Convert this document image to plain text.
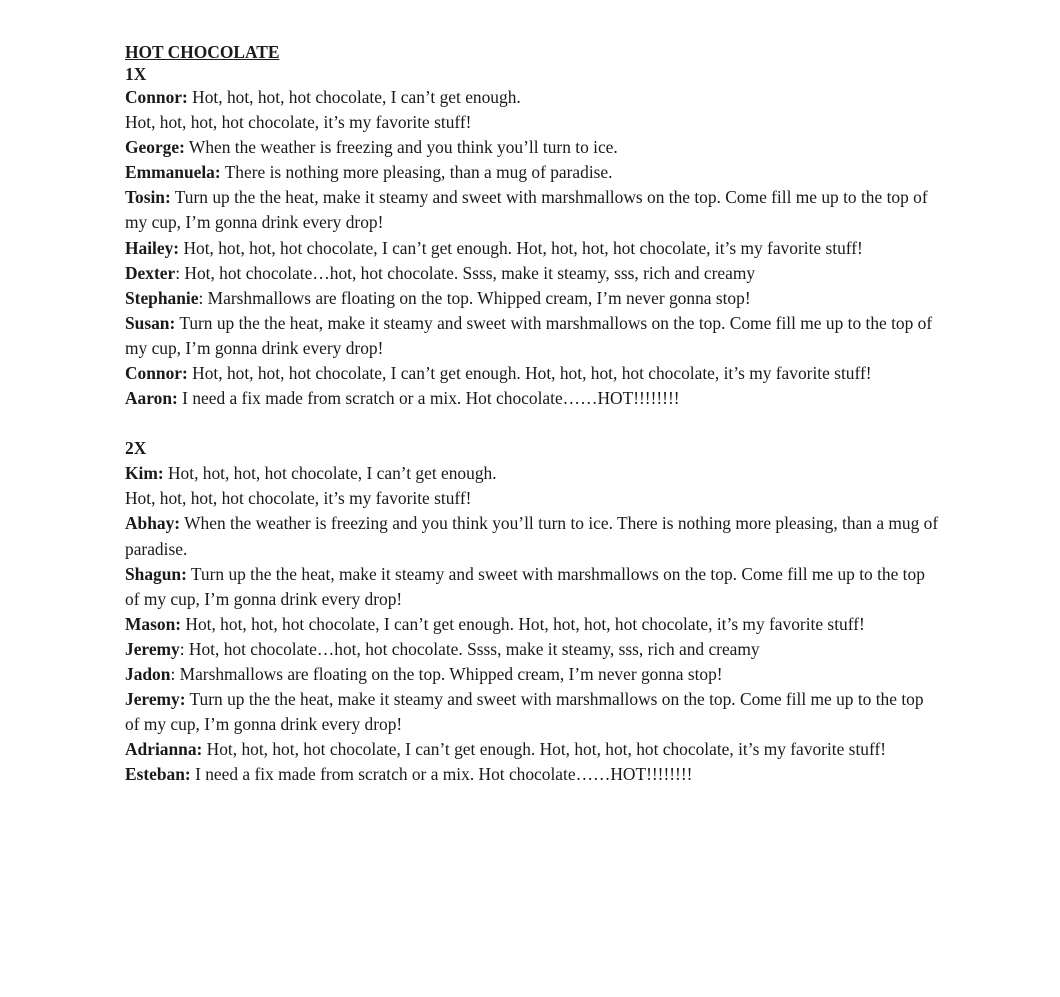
HOT CHOCOLATE

1X

Connor: Hot, hot, hot, hot chocolate, I can’t get enough.

Hot, hot, hot, hot chocolate, it’s my favorite stuff!

George: When the weather is freezing and you think you’ll turn to ice.

Emmanuela: There is nothing more pleasing, than a mug of paradise.

Tosin: Turn up the the heat, make it steamy and sweet with marshmallows on the top. Come fill me up to the top of my cup, I’m gonna drink every drop!

Hailey: Hot, hot, hot, hot chocolate, I can’t get enough. Hot, hot, hot, hot chocolate, it’s my favorite stuff!

Dexter: Hot, hot chocolate…hot, hot chocolate. Ssss, make it steamy, sss, rich and creamy

Stephanie: Marshmallows are floating on the top. Whipped cream, I’m never gonna stop!

Susan: Turn up the the heat, make it steamy and sweet with marshmallows on the top. Come fill me up to the top of my cup, I’m gonna drink every drop!

Connor: Hot, hot, hot, hot chocolate, I can’t get enough. Hot, hot, hot, hot chocolate, it’s my favorite stuff!

Aaron: I need a fix made from scratch or a mix. Hot chocolate……HOT!!!!!!!!

2X

Kim: Hot, hot, hot, hot chocolate, I can’t get enough.

Hot, hot, hot, hot chocolate, it’s my favorite stuff!

Abhay: When the weather is freezing and you think you’ll turn to ice. There is nothing more pleasing, than a mug of paradise.

Shagun: Turn up the the heat, make it steamy and sweet with marshmallows on the top. Come fill me up to the top of my cup, I’m gonna drink every drop!

Mason: Hot, hot, hot, hot chocolate, I can’t get enough. Hot, hot, hot, hot chocolate, it’s my favorite stuff!

Jeremy: Hot, hot chocolate…hot, hot chocolate. Ssss, make it steamy, sss, rich and creamy

Jadon: Marshmallows are floating on the top. Whipped cream, I’m never gonna stop!

Jeremy: Turn up the the heat, make it steamy and sweet with marshmallows on the top. Come fill me up to the top of my cup, I’m gonna drink every drop!

Adrianna: Hot, hot, hot, hot chocolate, I can’t get enough. Hot, hot, hot, hot chocolate, it’s my favorite stuff!

Esteban: I need a fix made from scratch or a mix. Hot chocolate……HOT!!!!!!!!
